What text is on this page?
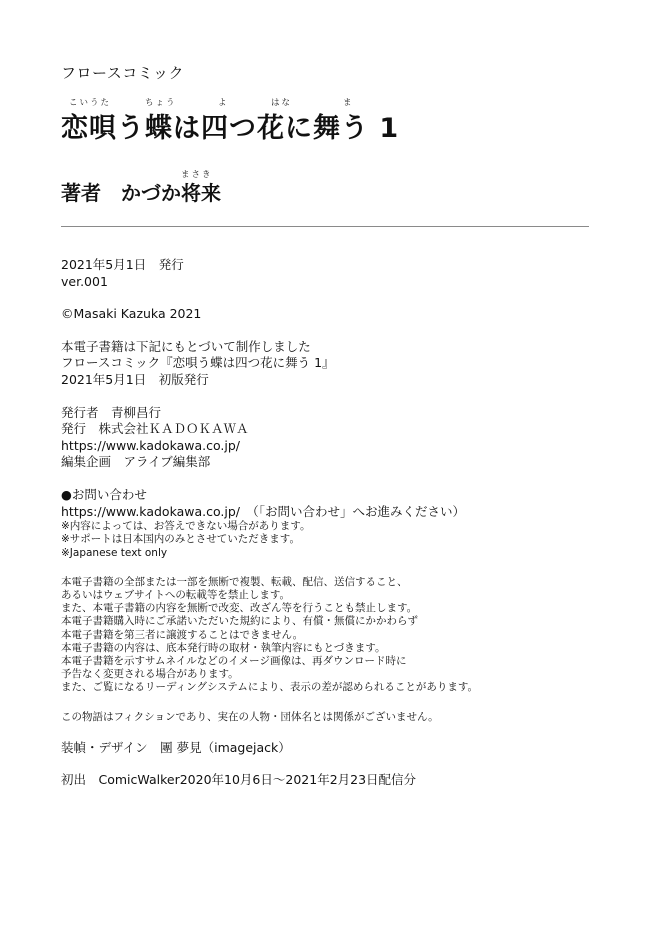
フロースコミック
こいうた	ちょう	よ	はな	ま
恋唄う蝶は四つ花に舞う 1
まさき
著者 かづか将来
2021年5月1日　発行
ver.001
©Masaki Kazuka 2021
本電子書籍は下記にもとづいて制作しました
フロースコミック『恋唄う蝶は四つ花に舞う 1』
2021年5月1日　初版発行
発行者　青柳昌行
発行　株式会社ＫＡＤＯＫＡＷＡ
https://www.kadokawa.co.jp/
編集企画　アライブ編集部
●お問い合わせ
https://www.kadokawa.co.jp/　（「お問い合わせ」へお進みください）
※内容によっては、お答えできない場合があります。
※サポートは日本国内のみとさせていただきます。
※Japanese text only
本電子書籍の全部または一部を無断で複製、転載、配信、送信すること、
あるいはウェブサイトへの転載等を禁止します。
また、本電子書籍の内容を無断で改変、改ざん等を行うことも禁止します。
本電子書籍購入時にご承諾いただいた規約により、有償・無償にかかわらず
本電子書籍を第三者に譲渡することはできません。
本電子書籍の内容は、底本発行時の取材・執筆内容にもとづきます。
本電子書籍を示すサムネイルなどのイメージ画像は、再ダウンロード時に
予告なく変更される場合があります。
また、ご覧になるリーディングシステムにより、表示の差が認められることがあります。
この物語はフィクションであり、実在の人物・団体名とは関係がございません。
装幀・デザイン　團 夢見（imagejack）
初出　ComicWalker2020年10月6日～2021年2月23日配信分
